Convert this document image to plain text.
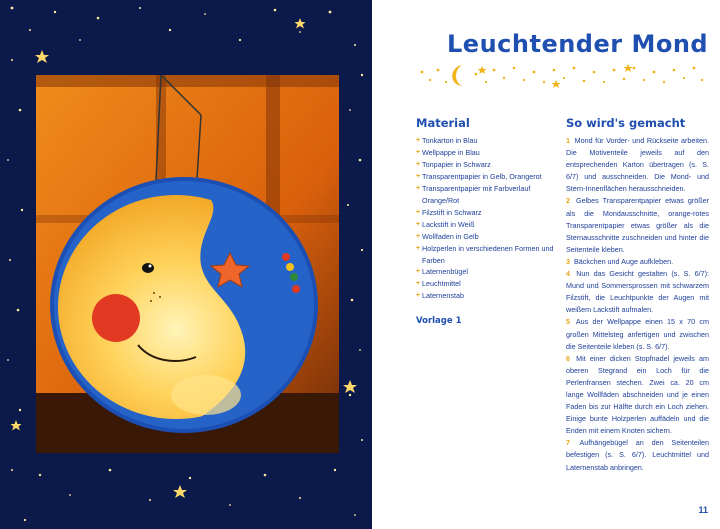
Leuchtender Mond
Material
+ Tonkarton in Blau
+ Wellpappe in Blau
+ Tonpapier in Schwarz
+ Transparentpapier in Gelb, Orangerot
+ Transparentpapier mit Farbverlauf Orange/Rot
+ Filzstift in Schwarz
+ Lackstift in Weiß
+ Wollfaden in Gelb
+ Holzperlen in verschiedenen Formen und Farben
+ Laternenbügel
+ Leuchtmittel
+ Laternenstab
Vorlage 1
So wird's gemacht
1 Mond für Vorder- und Rückseite arbeiten. Die Motiventeile jeweils auf den entsprechenden Karton übertragen (s. S. 6/7) und ausschneiden. Die Mond- und Stern-Innenflächen herausschneiden.
2 Gelbes Transparentpapier etwas größer als die Mondausschnitte, orange-rotes Transparentpapier etwas größer als die Sternausschnitte zuschneiden und hinter die Seitenteile kleben.
3 Bäckchen und Auge aufkleben.
4 Nun das Gesicht gestalten (s. S. 6/7): Mund und Sommersprossen mit schwarzem Filzstift, die Leuchtpunkte der Augen mit weißem Lackstift aufmalen.
5 Aus der Wellpappe einen 15 x 70 cm großen Mittelsteg anfertigen und zwischen die Seitenteile kleben (s. S. 6/7).
6 Mit einer dicken Stopfnadel jeweils am oberen Stegrand ein Loch für die Perlenfransen stechen. Zwei ca. 20 cm lange Wollfäden abschneiden und je einen Faden bis zur Hälfte durch ein Loch ziehen. Einige bunte Holzperlen auffädeln und die Enden mit einem Knoten sichern.
7 Aufhängebügel an den Seitenteilen befestigen (s. S. 6/7). Leuchtmittel und Laternenstab anbringen.
11
